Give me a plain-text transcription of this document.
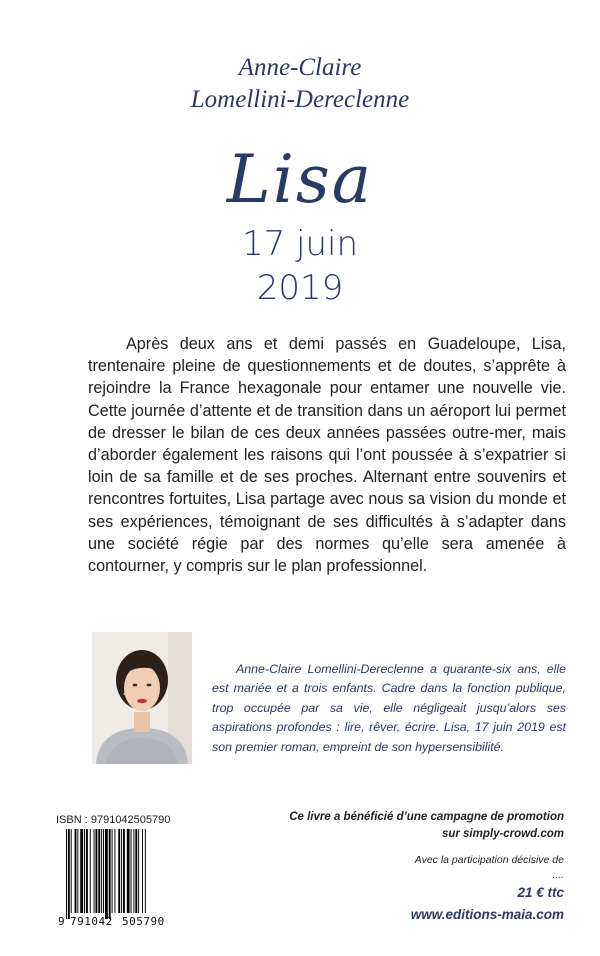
Anne-Claire
Lomellini-Dereclenne
Lisa
17 juin
2019

Après deux ans et demi passés en Guadeloupe, Lisa, trentenaire pleine de questionnements et de doutes, s’apprête à rejoindre la France hexagonale pour entamer une nouvelle vie. Cette journée d’attente et de transition dans un aéroport lui permet de dresser le bilan de ces deux années passées outre-mer, mais d’aborder également les raisons qui l’ont poussée à s’expatrier si loin de sa famille et de ses proches. Alternant entre souvenirs et rencontres fortuites, Lisa partage avec nous sa vision du monde et ses expériences, témoignant de ses difficultés à s’adapter dans une société régie par des normes qu’elle sera amenée à contourner, y compris sur le plan professionnel.

Anne-Claire Lomellini-Dereclenne a quarante-six ans, elle est mariée et a trois enfants. Cadre dans la fonction publique, trop occupée par sa vie, elle négligeait jusqu’alors ses aspirations profondes : lire, rêver, écrire. Lisa, 17 juin 2019 est son premier roman, empreint de son hypersensibilité.

ISBN : 9791042505790
9 791042 505790
Ce livre a bénéficié d’une campagne de promotion
sur simply-crowd.com
Avec la participation décisive de
....
21 € ttc
www.editions-maia.com
